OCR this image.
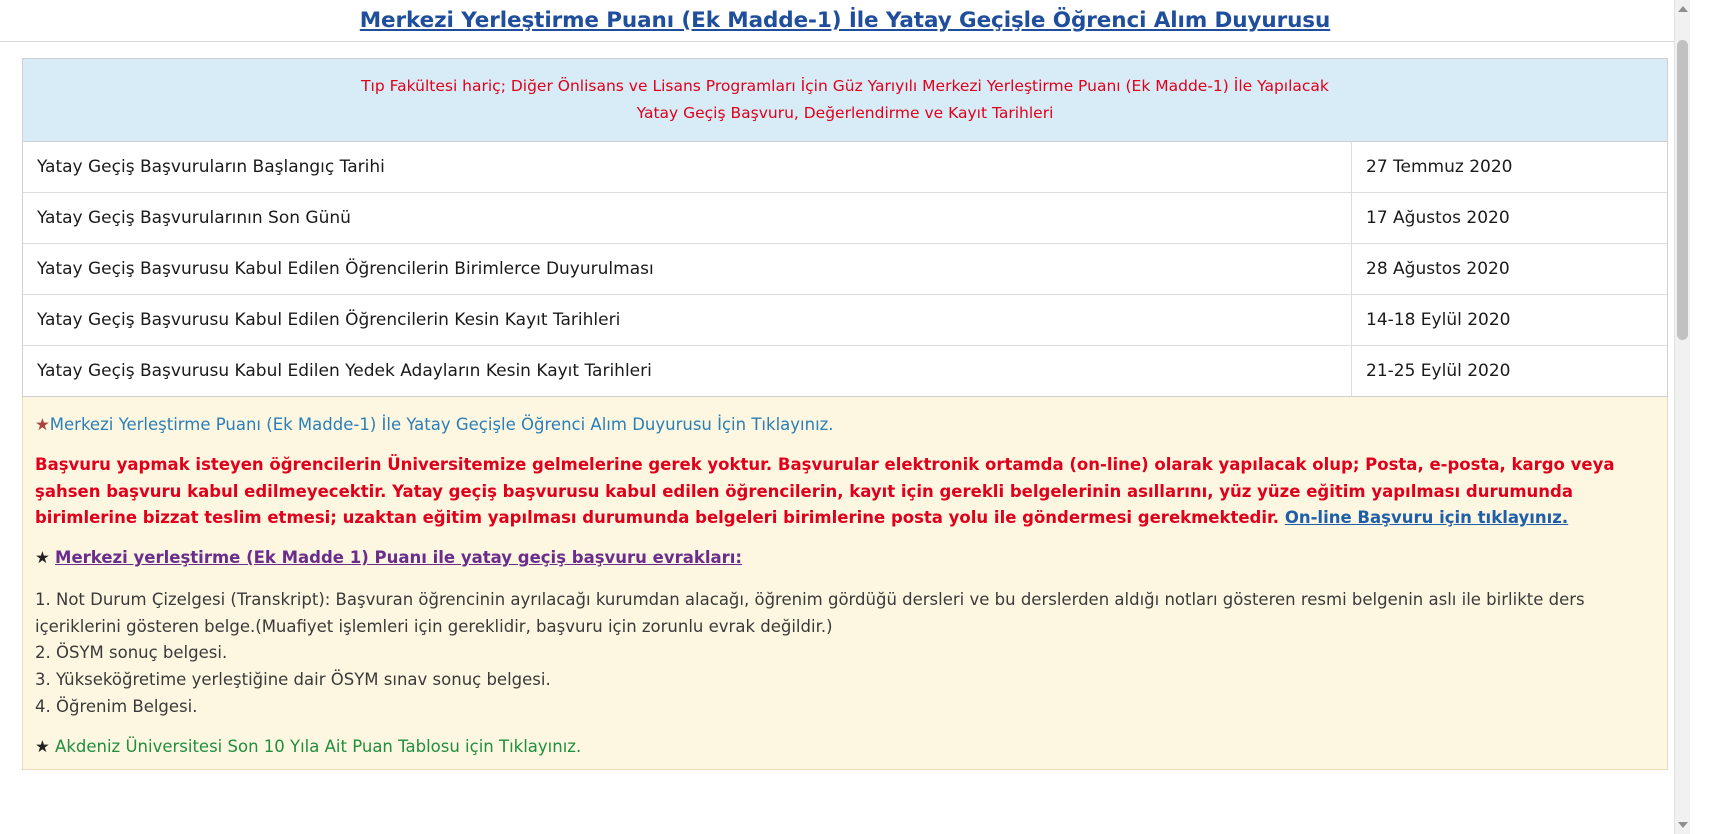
Merkezi Yerleştirme Puanı (Ek Madde-1) İle Yatay Geçişle Öğrenci Alım Duyurusu
Tıp Fakültesi hariç; Diğer Önlisans ve Lisans Programları İçin Güz Yarıyılı Merkezi Yerleştirme Puanı (Ek Madde-1) İle Yapılacak
Yatay Geçiş Başvuru, Değerlendirme ve Kayıt Tarihleri
Yatay Geçiş Başvuruların Başlangıç Tarihi	27 Temmuz 2020
Yatay Geçiş Başvurularının Son Günü	17 Ağustos 2020
Yatay Geçiş Başvurusu Kabul Edilen Öğrencilerin Birimlerce Duyurulması	28 Ağustos 2020
Yatay Geçiş Başvurusu Kabul Edilen Öğrencilerin Kesin Kayıt Tarihleri	14-18 Eylül 2020
Yatay Geçiş Başvurusu Kabul Edilen Yedek Adayların Kesin Kayıt Tarihleri	21-25 Eylül 2020
★Merkezi Yerleştirme Puanı (Ek Madde-1) İle Yatay Geçişle Öğrenci Alım Duyurusu İçin Tıklayınız.

Başvuru yapmak isteyen öğrencilerin Üniversitemize gelmelerine gerek yoktur. Başvurular elektronik ortamda (on-line) olarak yapılacak olup; Posta, e-posta, kargo veya şahsen başvuru kabul edilmeyecektir. Yatay geçiş başvurusu kabul edilen öğrencilerin, kayıt için gerekli belgelerinin asıllarını, yüz yüze eğitim yapılması durumunda birimlerine bizzat teslim etmesi; uzaktan eğitim yapılması durumunda belgeleri birimlerine posta yolu ile göndermesi gerekmektedir. On-line Başvuru için tıklayınız.

★ Merkezi yerleştirme (Ek Madde 1) Puanı ile yatay geçiş başvuru evrakları:

1. Not Durum Çizelgesi (Transkript): Başvuran öğrencinin ayrılacağı kurumdan alacağı, öğrenim gördüğü dersleri ve bu derslerden aldığı notları gösteren resmi belgenin aslı ile birlikte ders içeriklerini gösteren belge.(Muafiyet işlemleri için gereklidir, başvuru için zorunlu evrak değildir.)
2. ÖSYM sonuç belgesi.
3. Yükseköğretime yerleştiğine dair ÖSYM sınav sonuç belgesi.
4. Öğrenim Belgesi.

★ Akdeniz Üniversitesi Son 10 Yıla Ait Puan Tablosu için Tıklayınız.
